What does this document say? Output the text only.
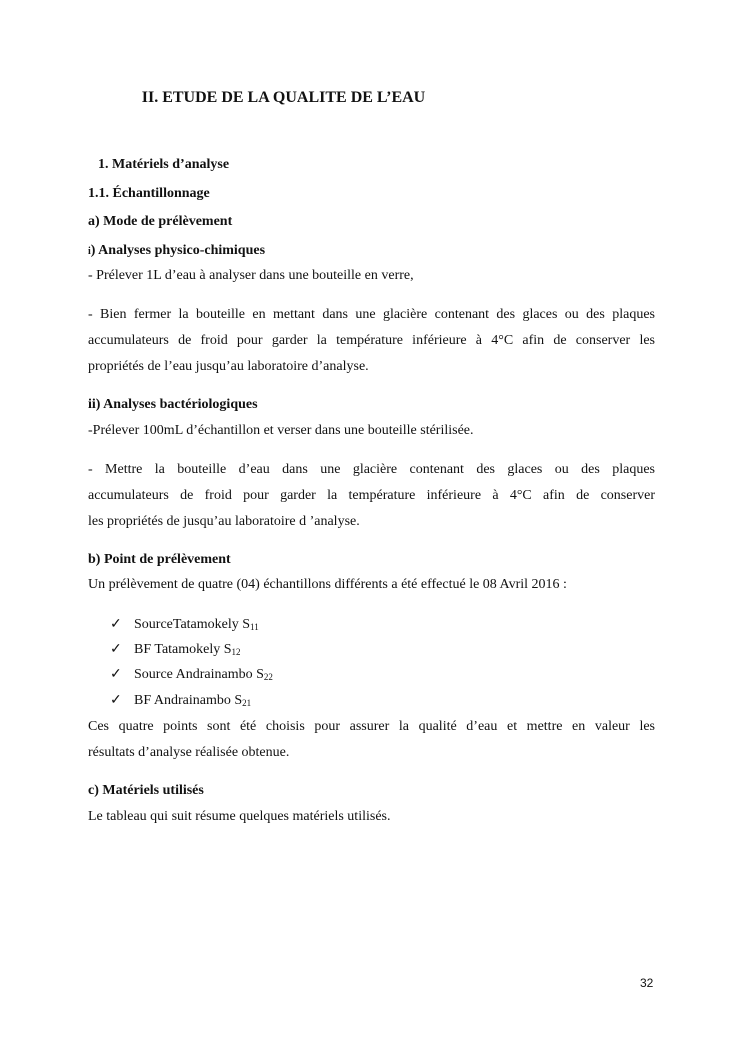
II. ETUDE DE LA QUALITE DE L’EAU
1. Matériels d’analyse
1.1. Échantillonnage
a) Mode de prélèvement
i) Analyses physico-chimiques
- Prélever 1L d’eau à analyser dans une bouteille en verre,
- Bien fermer la bouteille en mettant dans une glacière contenant des glaces ou des plaques
accumulateurs de froid pour garder la température inférieure à 4°C afin de conserver les
propriétés de l’eau jusqu’au laboratoire d’analyse.
ii) Analyses bactériologiques
-Prélever 100mL d’échantillon et verser dans une bouteille stérilisée.
- Mettre la bouteille d’eau dans une glacière contenant des glaces ou des plaques
accumulateurs de froid pour garder la température inférieure à 4°C afin de conserver
les propriétés de jusqu’au laboratoire d ’analyse.
b) Point de prélèvement
Un prélèvement de quatre (04) échantillons différents a été effectué le 08 Avril 2016 :
✓ SourceTatamokely $S_{11}$
✓ BF Tatamokely $S_{12}$
✓ Source Andrainambo $S_{22}$
✓ BF Andrainambo $S_{21}$
Ces quatre points sont été choisis pour assurer la qualité d’eau et mettre en valeur les
résultats d’analyse réalisée obtenue.
c) Matériels utilisés
Le tableau qui suit résume quelques matériels utilisés.
32
